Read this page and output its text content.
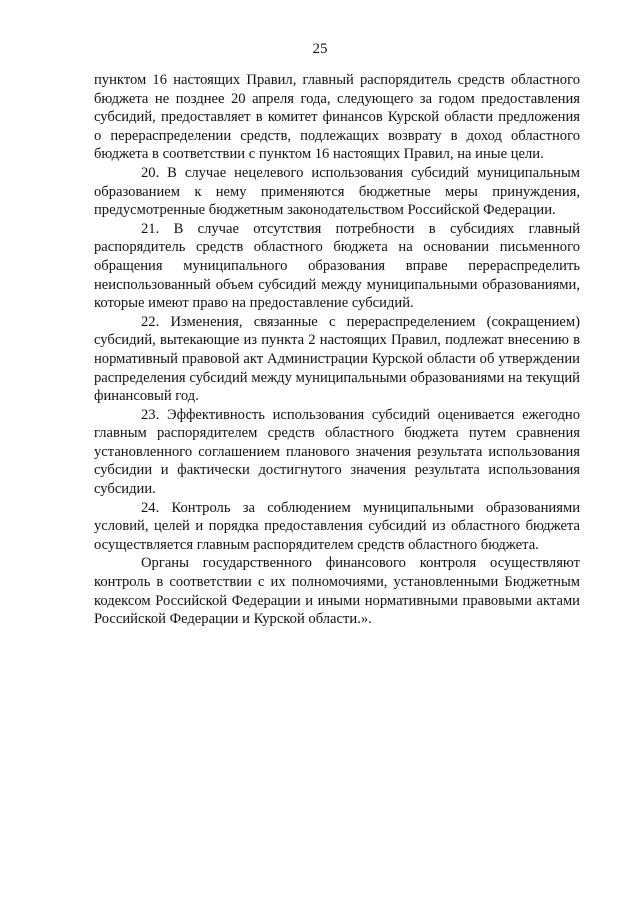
25

пунктом 16 настоящих Правил, главный распорядитель средств областного бюджета не позднее 20 апреля года, следующего за годом предоставления субсидий, предоставляет в комитет финансов Курской области предложения о перераспределении средств, подлежащих возврату в доход областного бюджета в соответствии с пунктом 16 настоящих Правил, на иные цели.

20. В случае нецелевого использования субсидий муниципальным образованием к нему применяются бюджетные меры принуждения, предусмотренные бюджетным законодательством Российской Федерации.

21. В случае отсутствия потребности в субсидиях главный распорядитель средств областного бюджета на основании письменного обращения муниципального образования вправе перераспределить неиспользованный объем субсидий между муниципальными образованиями, которые имеют право на предоставление субсидий.

22. Изменения, связанные с перераспределением (сокращением) субсидий, вытекающие из пункта 2 настоящих Правил, подлежат внесению в нормативный правовой акт Администрации Курской области об утверждении распределения субсидий между муниципальными образованиями на текущий финансовый год.

23. Эффективность использования субсидий оценивается ежегодно главным распорядителем средств областного бюджета путем сравнения установленного соглашением планового значения результата использования субсидии и фактически достигнутого значения результата использования субсидии.

24. Контроль за соблюдением муниципальными образованиями условий, целей и порядка предоставления субсидий из областного бюджета осуществляется главным распорядителем средств областного бюджета.

Органы государственного финансового контроля осуществляют контроль в соответствии с их полномочиями, установленными Бюджетным кодексом Российской Федерации и иными нормативными правовыми актами Российской Федерации и Курской области.».
